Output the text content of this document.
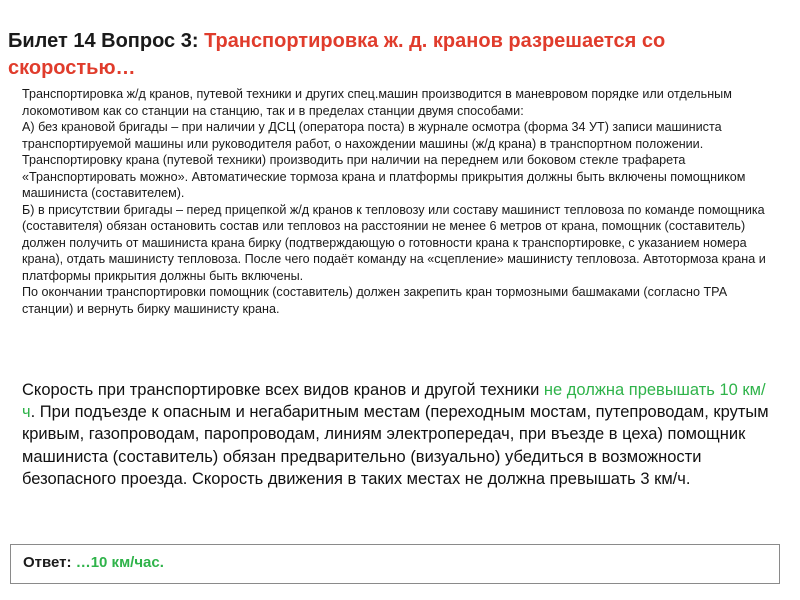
Билет 14 Вопрос 3: Транспортировка ж. д. кранов разрешается со скоростью…

Транспортировка ж/д кранов, путевой техники и других спец.машин производится в маневровом порядке или отдельным локомотивом как со станции на станцию, так и в пределах станции двумя способами:

А) без крановой бригады – при наличии у ДСЦ (оператора поста) в журнале осмотра (форма 34 УТ) записи машиниста транспортируемой машины или руководителя работ, о нахождении машины (ж/д крана) в транспортном положении. Транспортировку крана (путевой техники) производить при наличии на переднем или боковом стекле трафарета «Транспортировать можно». Автоматические тормоза крана и платформы прикрытия должны быть включены помощником машиниста (составителем).

Б) в присутствии бригады – перед прицепкой ж/д кранов к тепловозу или составу машинист тепловоза по команде помощника (составителя) обязан остановить состав или тепловоз на расстоянии не менее 6 метров от крана, помощник (составитель) должен получить от машиниста крана бирку (подтверждающую о готовности крана к транспортировке, с указанием номера крана), отдать машинисту тепловоза. После чего подаёт команду на «сцепление» машинисту тепловоза. Автотормоза крана и платформы прикрытия должны быть включены.

По окончании транспортировки помощник (составитель) должен закрепить кран тормозными башмаками (согласно ТРА станции) и вернуть бирку машинисту крана.

Скорость при транспортировке всех видов кранов и другой техники не должна превышать 10 км/ч. При подъезде к опасным и негабаритным местам (переходным мостам, путепроводам, крутым кривым, газопроводам, паропроводам, линиям электропередач, при въезде в цеха) помощник машиниста (составитель) обязан предварительно (визуально) убедиться в возможности безопасного проезда. Скорость движения в таких местах не должна превышать 3 км/ч.
Ответ: …10 км/час.
